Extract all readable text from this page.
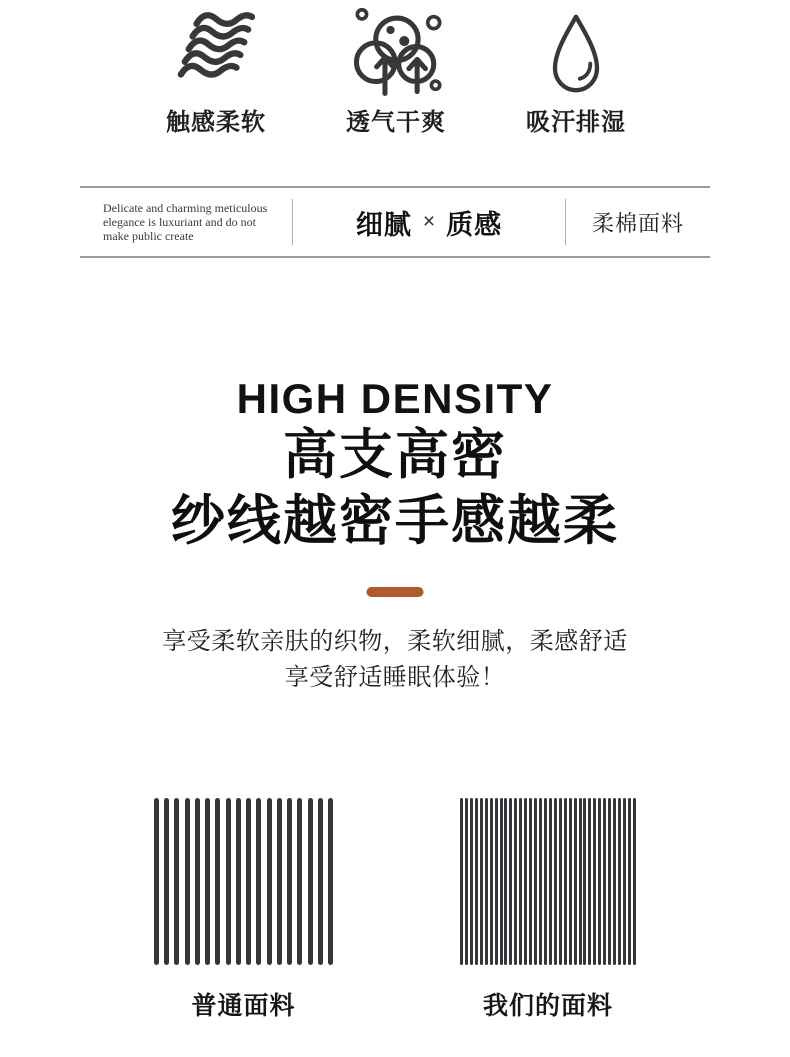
触感柔软	透气干爽	吸汗排湿
Delicate and charming meticulous elegance is luxuriant and do not make public create	细腻 × 质感	柔棉面料
HIGH DENSITY
高支高密
纱线越密手感越柔
享受柔软亲肤的织物，柔软细腻，柔感舒适
享受舒适睡眠体验！
普通面料	我们的面料
